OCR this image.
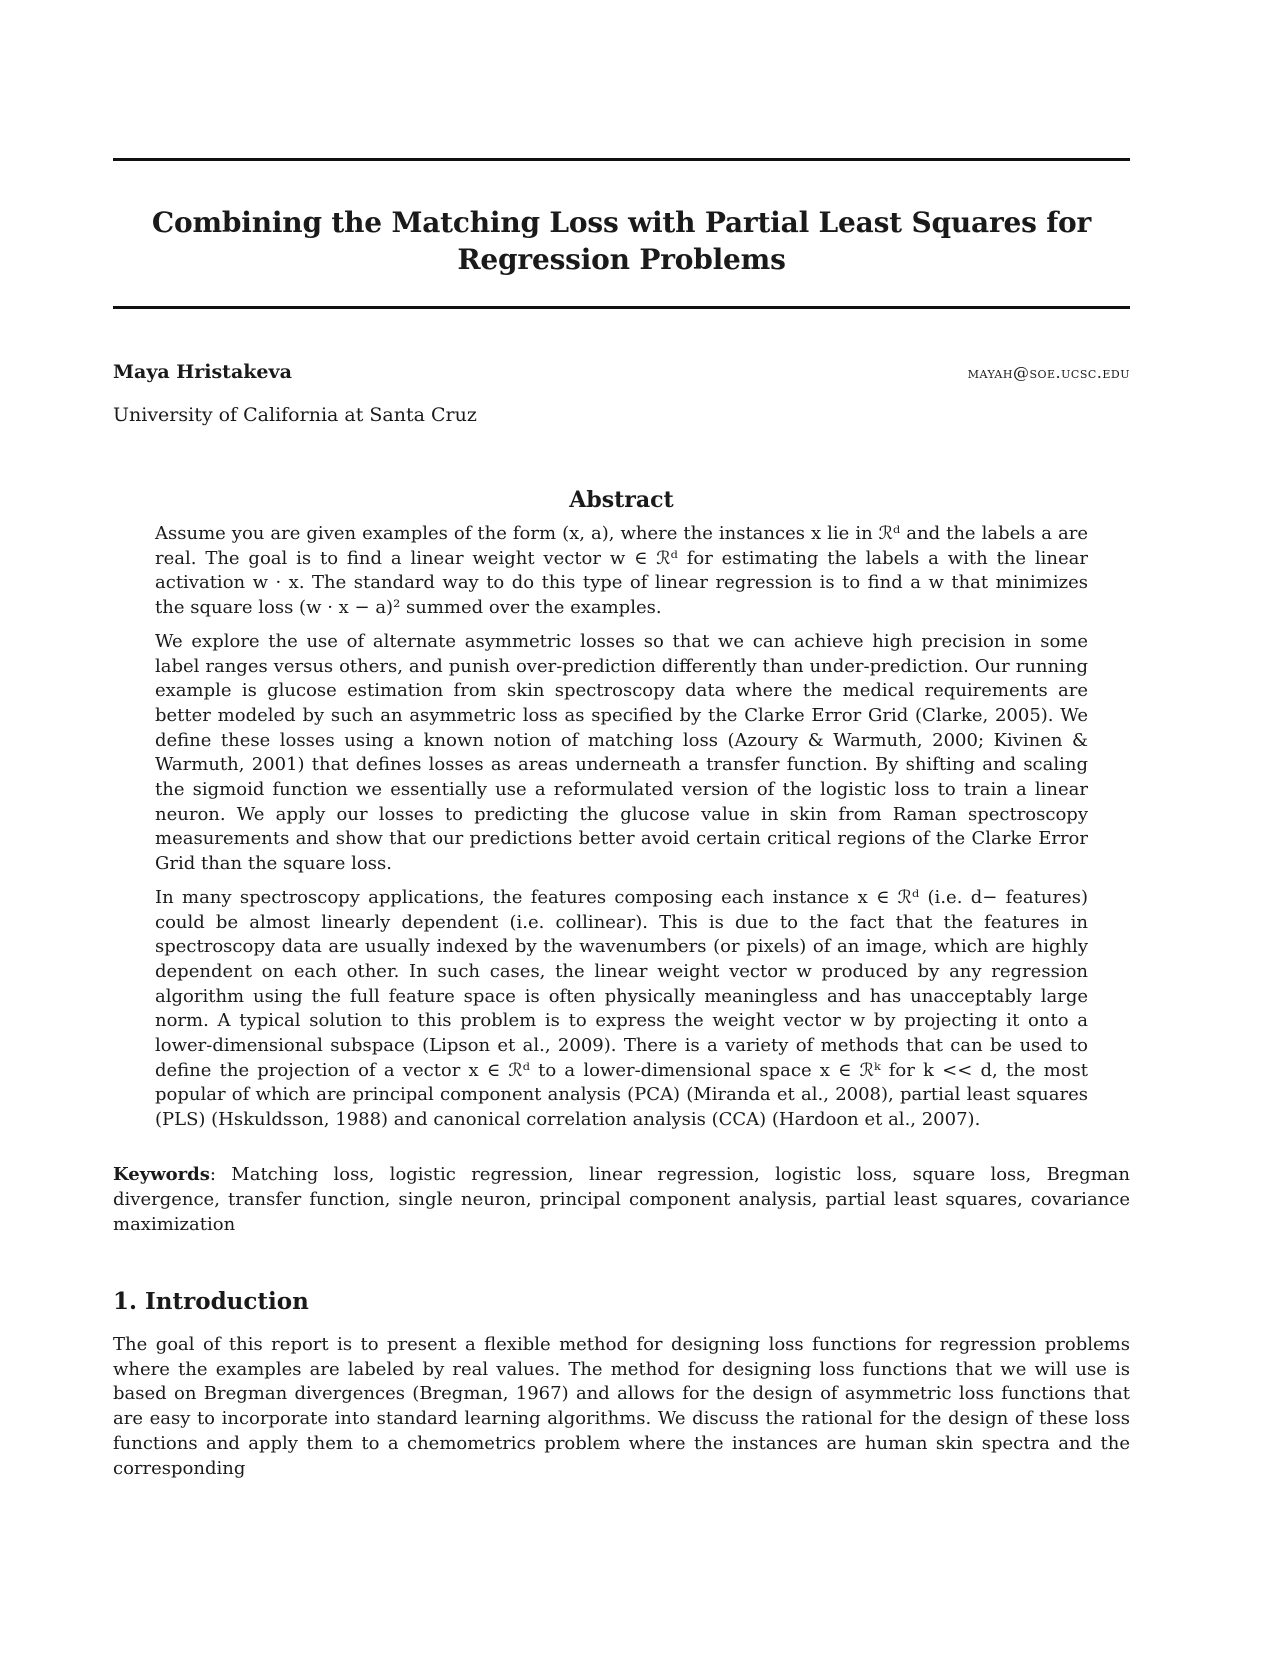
Combining the Matching Loss with Partial Least Squares for Regression Problems
Maya Hristakeva	mayah@soe.ucsc.edu
University of California at Santa Cruz
Abstract

Assume you are given examples of the form (x, a), where the instances x lie in ℛᵈ and the labels a are real. The goal is to find a linear weight vector w ∈ ℛᵈ for estimating the labels a with the linear activation w · x. The standard way to do this type of linear regression is to find a w that minimizes the square loss (w · x − a)² summed over the examples.

We explore the use of alternate asymmetric losses so that we can achieve high precision in some label ranges versus others, and punish over-prediction differently than under-prediction. Our running example is glucose estimation from skin spectroscopy data where the medical requirements are better modeled by such an asymmetric loss as specified by the Clarke Error Grid (Clarke, 2005). We define these losses using a known notion of matching loss (Azoury & Warmuth, 2000; Kivinen & Warmuth, 2001) that defines losses as areas underneath a transfer function. By shifting and scaling the sigmoid function we essentially use a reformulated version of the logistic loss to train a linear neuron. We apply our losses to predicting the glucose value in skin from Raman spectroscopy measurements and show that our predictions better avoid certain critical regions of the Clarke Error Grid than the square loss.

In many spectroscopy applications, the features composing each instance x ∈ ℛᵈ (i.e. d− features) could be almost linearly dependent (i.e. collinear). This is due to the fact that the features in spectroscopy data are usually indexed by the wavenumbers (or pixels) of an image, which are highly dependent on each other. In such cases, the linear weight vector w produced by any regression algorithm using the full feature space is often physically meaningless and has unacceptably large norm. A typical solution to this problem is to express the weight vector w by projecting it onto a lower-dimensional subspace (Lipson et al., 2009). There is a variety of methods that can be used to define the projection of a vector x ∈ ℛᵈ to a lower-dimensional space x ∈ ℛᵏ for k << d, the most popular of which are principal component analysis (PCA) (Miranda et al., 2008), partial least squares (PLS) (Hskuldsson, 1988) and canonical correlation analysis (CCA) (Hardoon et al., 2007).

Keywords: Matching loss, logistic regression, linear regression, logistic loss, square loss, Bregman divergence, transfer function, single neuron, principal component analysis, partial least squares, covariance maximization
1. Introduction

The goal of this report is to present a flexible method for designing loss functions for regression problems where the examples are labeled by real values. The method for designing loss functions that we will use is based on Bregman divergences (Bregman, 1967) and allows for the design of asymmetric loss functions that are easy to incorporate into standard learning algorithms. We discuss the rational for the design of these loss functions and apply them to a chemometrics problem where the instances are human skin spectra and the corresponding
